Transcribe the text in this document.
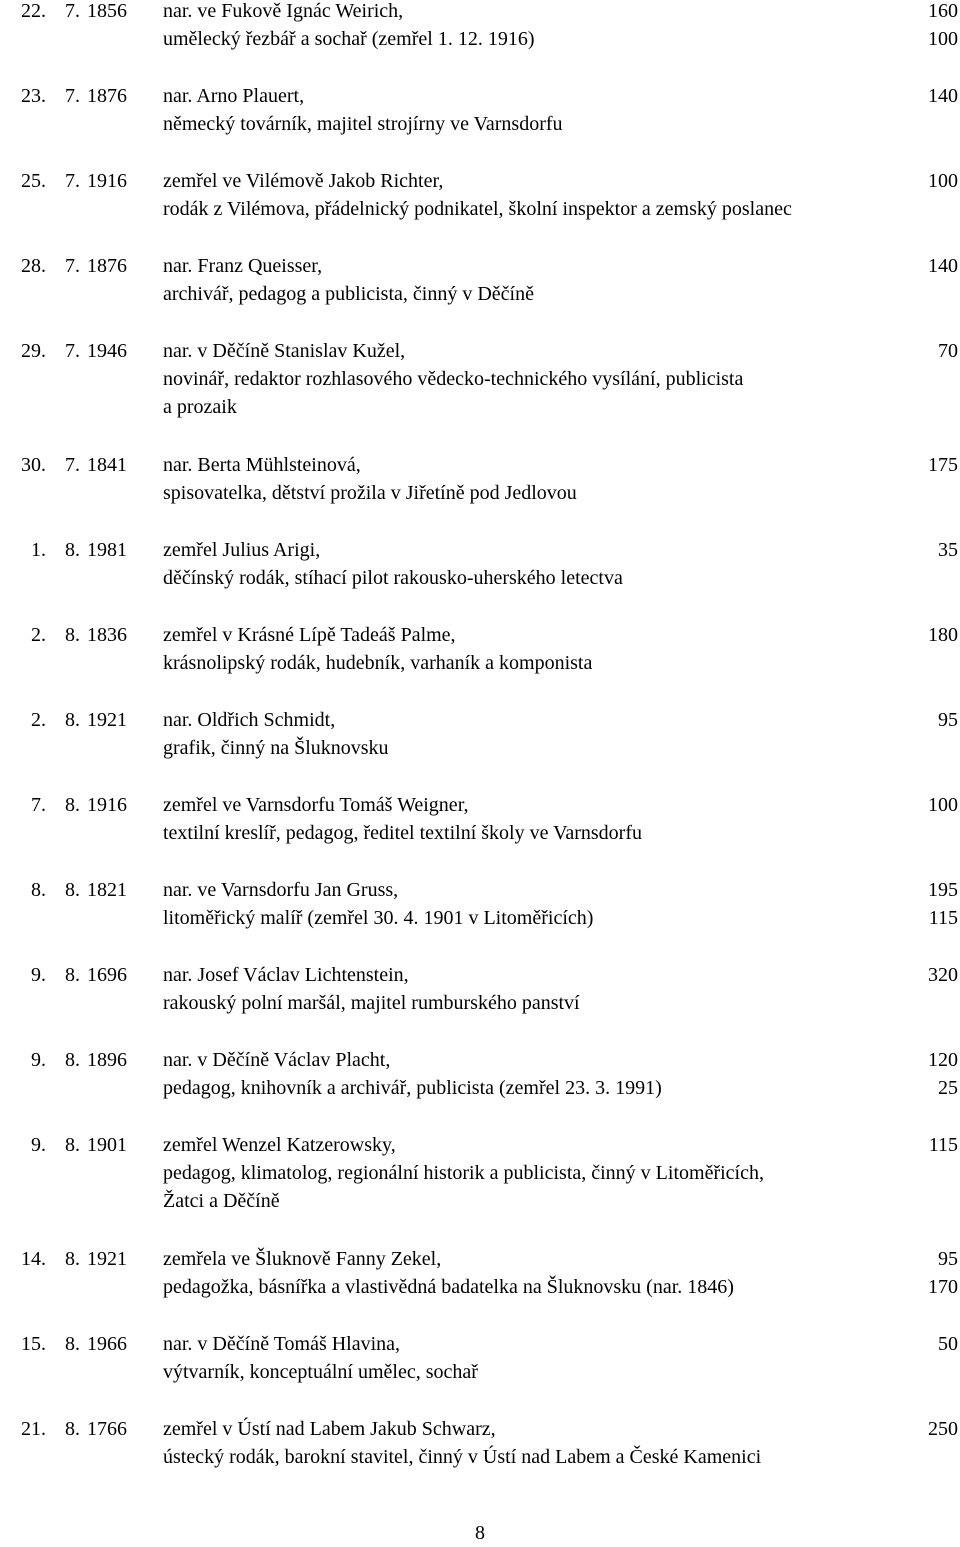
22. 7. 1856 nar. ve Fukově Ignác Weirich,	160
umělecký řezbář a sochař (zemřel 1. 12. 1916)	100
23. 7. 1876 nar. Arno Plauert,	140
německý továrník, majitel strojírny ve Varnsdorfu
25. 7. 1916 zemřel ve Vilémově Jakob Richter,	100
rodák z Vilémova, přádelnický podnikatel, školní inspektor a zemský poslanec
28. 7. 1876 nar. Franz Queisser,	140
archivář, pedagog a publicista, činný v Děčíně
29. 7. 1946 nar. v Děčíně Stanislav Kužel,	70
novinář, redaktor rozhlasového vědecko-technického vysílání, publicista
a prozaik
30. 7. 1841 nar. Berta Mühlsteinová,	175
spisovatelka, dětství prožila v Jiřetíně pod Jedlovou
1. 8. 1981 zemřel Julius Arigi,	35
děčínský rodák, stíhací pilot rakousko-uherského letectva
2. 8. 1836 zemřel v Krásné Lípě Tadeáš Palme,	180
krásnolipský rodák, hudebník, varhaník a komponista
2. 8. 1921 nar. Oldřich Schmidt,	95
grafik, činný na Šluknovsku
7. 8. 1916 zemřel ve Varnsdorfu Tomáš Weigner,	100
textilní kreslíř, pedagog, ředitel textilní školy ve Varnsdorfu
8. 8. 1821 nar. ve Varnsdorfu Jan Gruss,	195
litoměřický malíř (zemřel 30. 4. 1901 v Litoměřicích)	115
9. 8. 1696 nar. Josef Václav Lichtenstein,	320
rakouský polní maršál, majitel rumburského panství
9. 8. 1896 nar. v Děčíně Václav Placht,	120
pedagog, knihovník a archivář, publicista (zemřel 23. 3. 1991)	25
9. 8. 1901 zemřel Wenzel Katzerowsky,	115
pedagog, klimatolog, regionální historik a publicista, činný v Litoměřicích,
Žatci a Děčíně
14. 8. 1921 zemřela ve Šluknově Fanny Zekel,	95
pedagožka, básnířka a vlastivědná badatelka na Šluknovsku (nar. 1846)	170
15. 8. 1966 nar. v Děčíně Tomáš Hlavina,	50
výtvarník, konceptuální umělec, sochař
21. 8. 1766 zemřel v Ústí nad Labem Jakub Schwarz,	250
ústecký rodák, barokní stavitel, činný v Ústí nad Labem a České Kamenici
8
